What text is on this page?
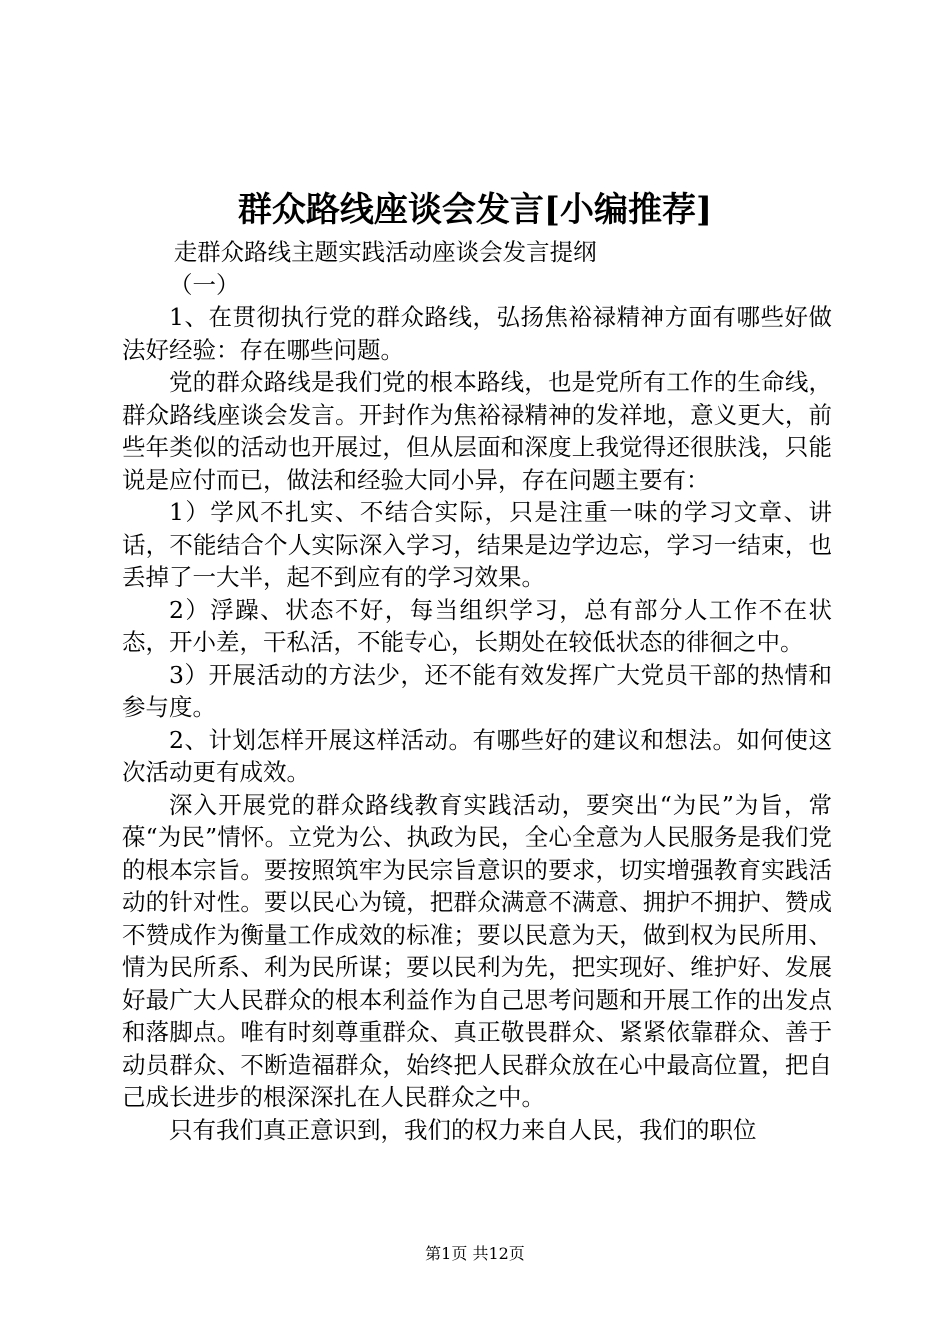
群众路线座谈会发言[小编推荐]

走群众路线主题实践活动座谈会发言提纲

（一）

1、在贯彻执行党的群众路线，弘扬焦裕禄精神方面有哪些好做法好经验：存在哪些问题。

党的群众路线是我们党的根本路线，也是党所有工作的生命线，群众路线座谈会发言。开封作为焦裕禄精神的发祥地，意义更大，前些年类似的活动也开展过，但从层面和深度上我觉得还很肤浅，只能说是应付而已，做法和经验大同小异，存在问题主要有：

1）学风不扎实、不结合实际，只是注重一味的学习文章、讲话，不能结合个人实际深入学习，结果是边学边忘，学习一结束，也丢掉了一大半，起不到应有的学习效果。

2）浮躁、状态不好，每当组织学习，总有部分人工作不在状态，开小差，干私活，不能专心，长期处在较低状态的徘徊之中。

3）开展活动的方法少，还不能有效发挥广大党员干部的热情和参与度。

2、计划怎样开展这样活动。有哪些好的建议和想法。如何使这次活动更有成效。

深入开展党的群众路线教育实践活动，要突出“为民”为旨，常葆“为民”情怀。立党为公、执政为民，全心全意为人民服务是我们党的根本宗旨。要按照筑牢为民宗旨意识的要求，切实增强教育实践活动的针对性。要以民心为镜，把群众满意不满意、拥护不拥护、赞成不赞成作为衡量工作成效的标准；要以民意为天，做到权为民所用、情为民所系、利为民所谋；要以民利为先，把实现好、维护好、发展好最广大人民群众的根本利益作为自己思考问题和开展工作的出发点和落脚点。唯有时刻尊重群众、真正敬畏群众、紧紧依靠群众、善于动员群众、不断造福群众，始终把人民群众放在心中最高位置，把自己成长进步的根深深扎在人民群众之中。

只有我们真正意识到，我们的权力来自人民，我们的职位

第1页 共12页
